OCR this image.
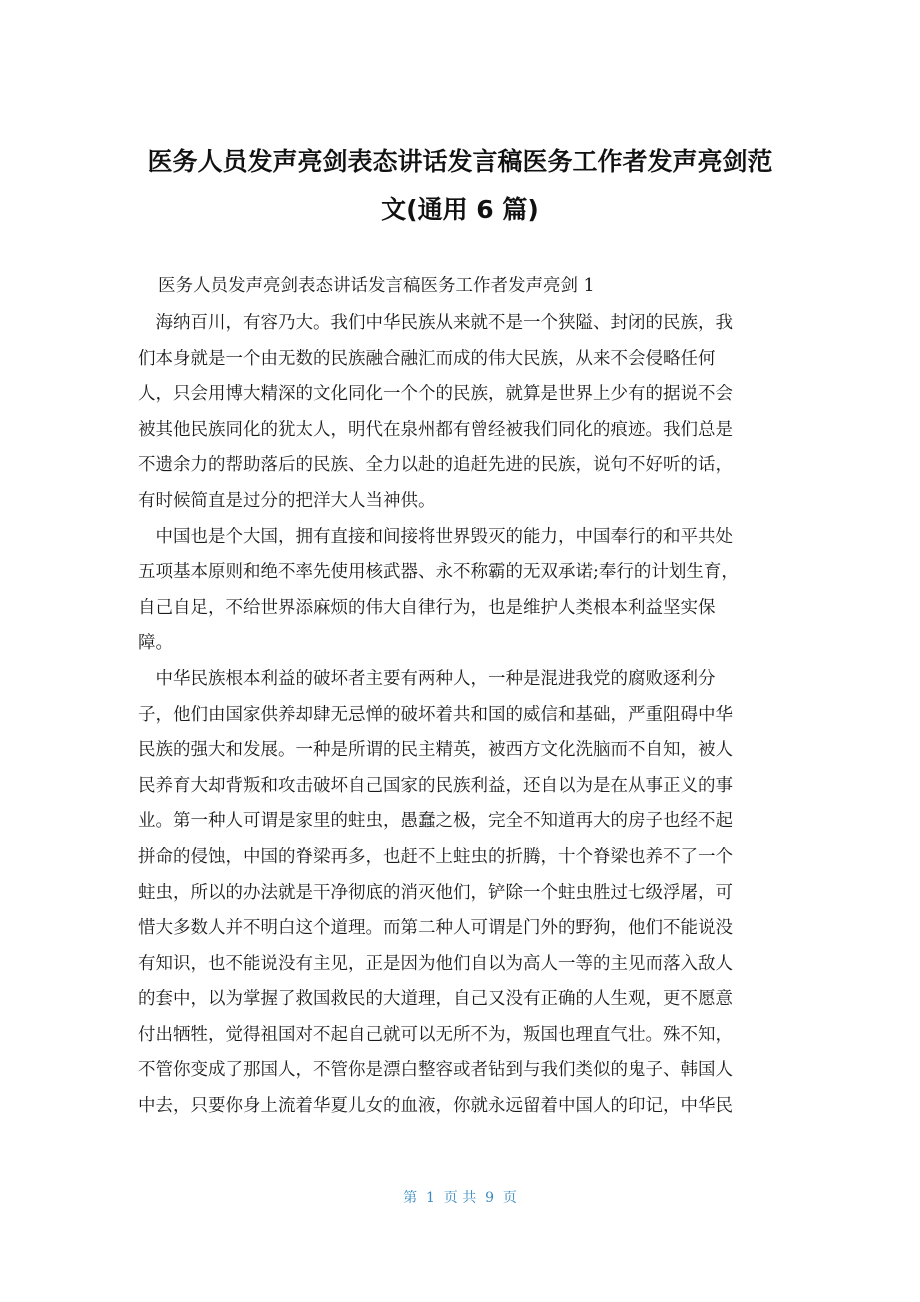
医务人员发声亮剑表态讲话发言稿医务工作者发声亮剑范
文(通用 6 篇)
医务人员发声亮剑表态讲话发言稿医务工作者发声亮剑 1
　海纳百川，有容乃大。我们中华民族从来就不是一个狭隘、封闭的民族，我
们本身就是一个由无数的民族融合融汇而成的伟大民族，从来不会侵略任何
人，只会用博大精深的文化同化一个个的民族，就算是世界上少有的据说不会
被其他民族同化的犹太人，明代在泉州都有曾经被我们同化的痕迹。我们总是
不遗余力的帮助落后的民族、全力以赴的追赶先进的民族，说句不好听的话，
有时候简直是过分的把洋大人当神供。
　中国也是个大国，拥有直接和间接将世界毁灭的能力，中国奉行的和平共处
五项基本原则和绝不率先使用核武器、永不称霸的无双承诺;奉行的计划生育，
自己自足，不给世界添麻烦的伟大自律行为，也是维护人类根本利益坚实保
障。
　中华民族根本利益的破坏者主要有两种人，一种是混进我党的腐败逐利分
子，他们由国家供养却肆无忌惮的破坏着共和国的威信和基础，严重阻碍中华
民族的强大和发展。一种是所谓的民主精英，被西方文化洗脑而不自知，被人
民养育大却背叛和攻击破坏自己国家的民族利益，还自以为是在从事正义的事
业。第一种人可谓是家里的蛀虫，愚蠢之极，完全不知道再大的房子也经不起
拼命的侵蚀，中国的脊梁再多，也赶不上蛀虫的折腾，十个脊梁也养不了一个
蛀虫，所以的办法就是干净彻底的消灭他们，铲除一个蛀虫胜过七级浮屠，可
惜大多数人并不明白这个道理。而第二种人可谓是门外的野狗，他们不能说没
有知识，也不能说没有主见，正是因为他们自以为高人一等的主见而落入敌人
的套中，以为掌握了救国救民的大道理，自己又没有正确的人生观，更不愿意
付出牺牲，觉得祖国对不起自己就可以无所不为，叛国也理直气壮。殊不知，
不管你变成了那国人，不管你是漂白整容或者钻到与我们类似的鬼子、韩国人
中去，只要你身上流着华夏儿女的血液，你就永远留着中国人的印记，中华民
第  1  页 共  9  页
